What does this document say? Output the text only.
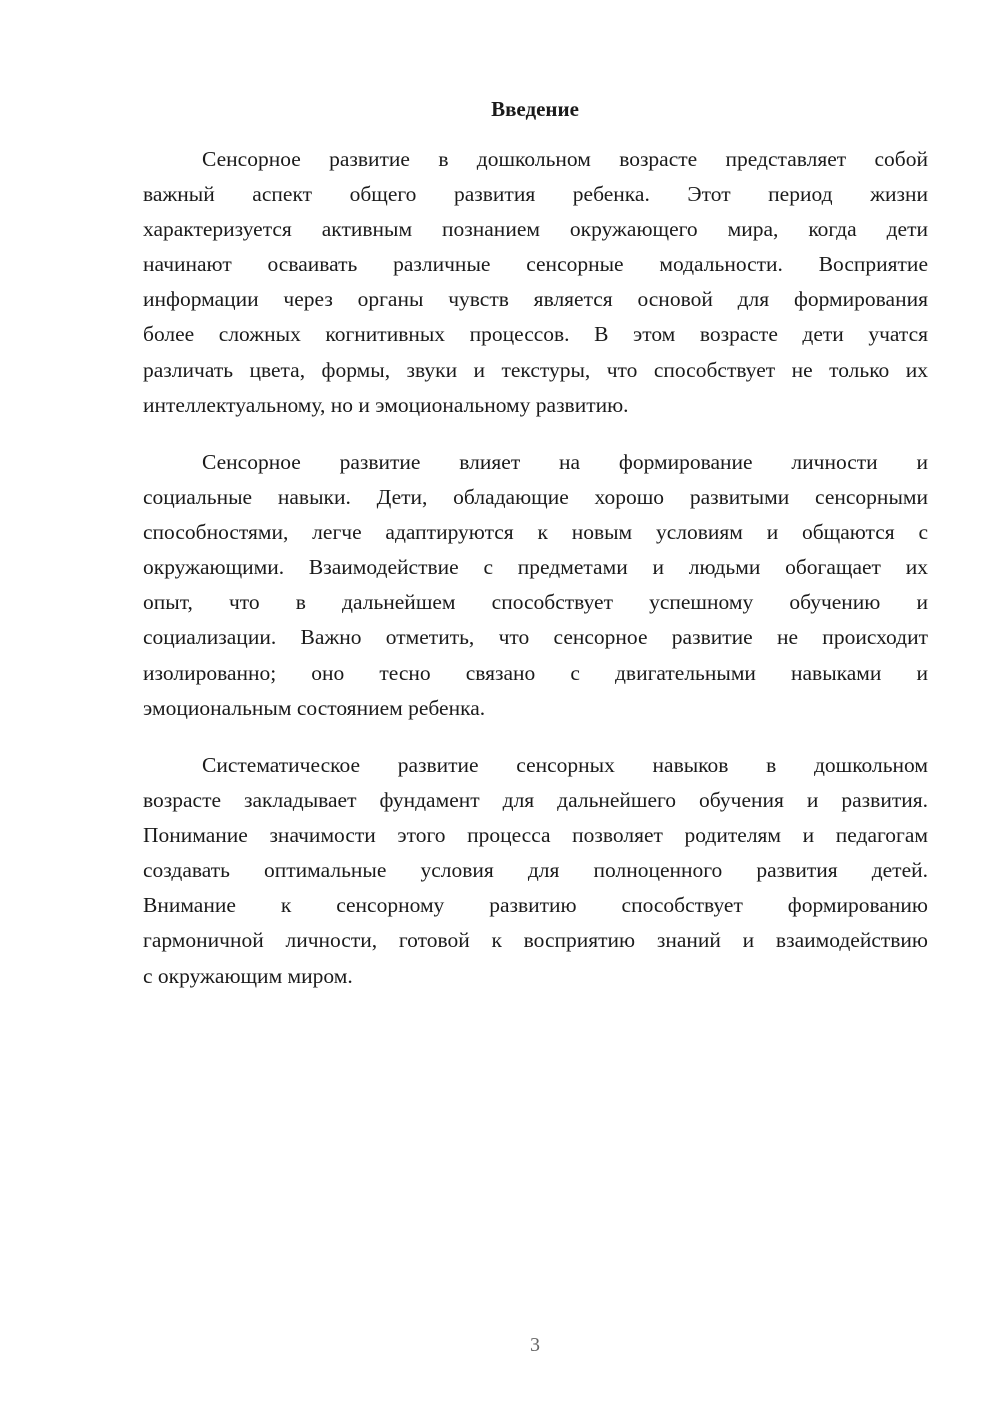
Введение
Сенсорное развитие в дошкольном возрасте представляет собой
важный аспект общего развития ребенка. Этот период жизни
характеризуется активным познанием окружающего мира, когда дети
начинают осваивать различные сенсорные модальности. Восприятие
информации через органы чувств является основой для формирования
более сложных когнитивных процессов. В этом возрасте дети учатся
различать цвета, формы, звуки и текстуры, что способствует не только их
интеллектуальному, но и эмоциональному развитию.
Сенсорное развитие влияет на формирование личности и
социальные навыки. Дети, обладающие хорошо развитыми сенсорными
способностями, легче адаптируются к новым условиям и общаются с
окружающими. Взаимодействие с предметами и людьми обогащает их
опыт, что в дальнейшем способствует успешному обучению и
социализации. Важно отметить, что сенсорное развитие не происходит
изолированно; оно тесно связано с двигательными навыками и
эмоциональным состоянием ребенка.
Систематическое развитие сенсорных навыков в дошкольном
возрасте закладывает фундамент для дальнейшего обучения и развития.
Понимание значимости этого процесса позволяет родителям и педагогам
создавать оптимальные условия для полноценного развития детей.
Внимание к сенсорному развитию способствует формированию
гармоничной личности, готовой к восприятию знаний и взаимодействию
с окружающим миром.
3
